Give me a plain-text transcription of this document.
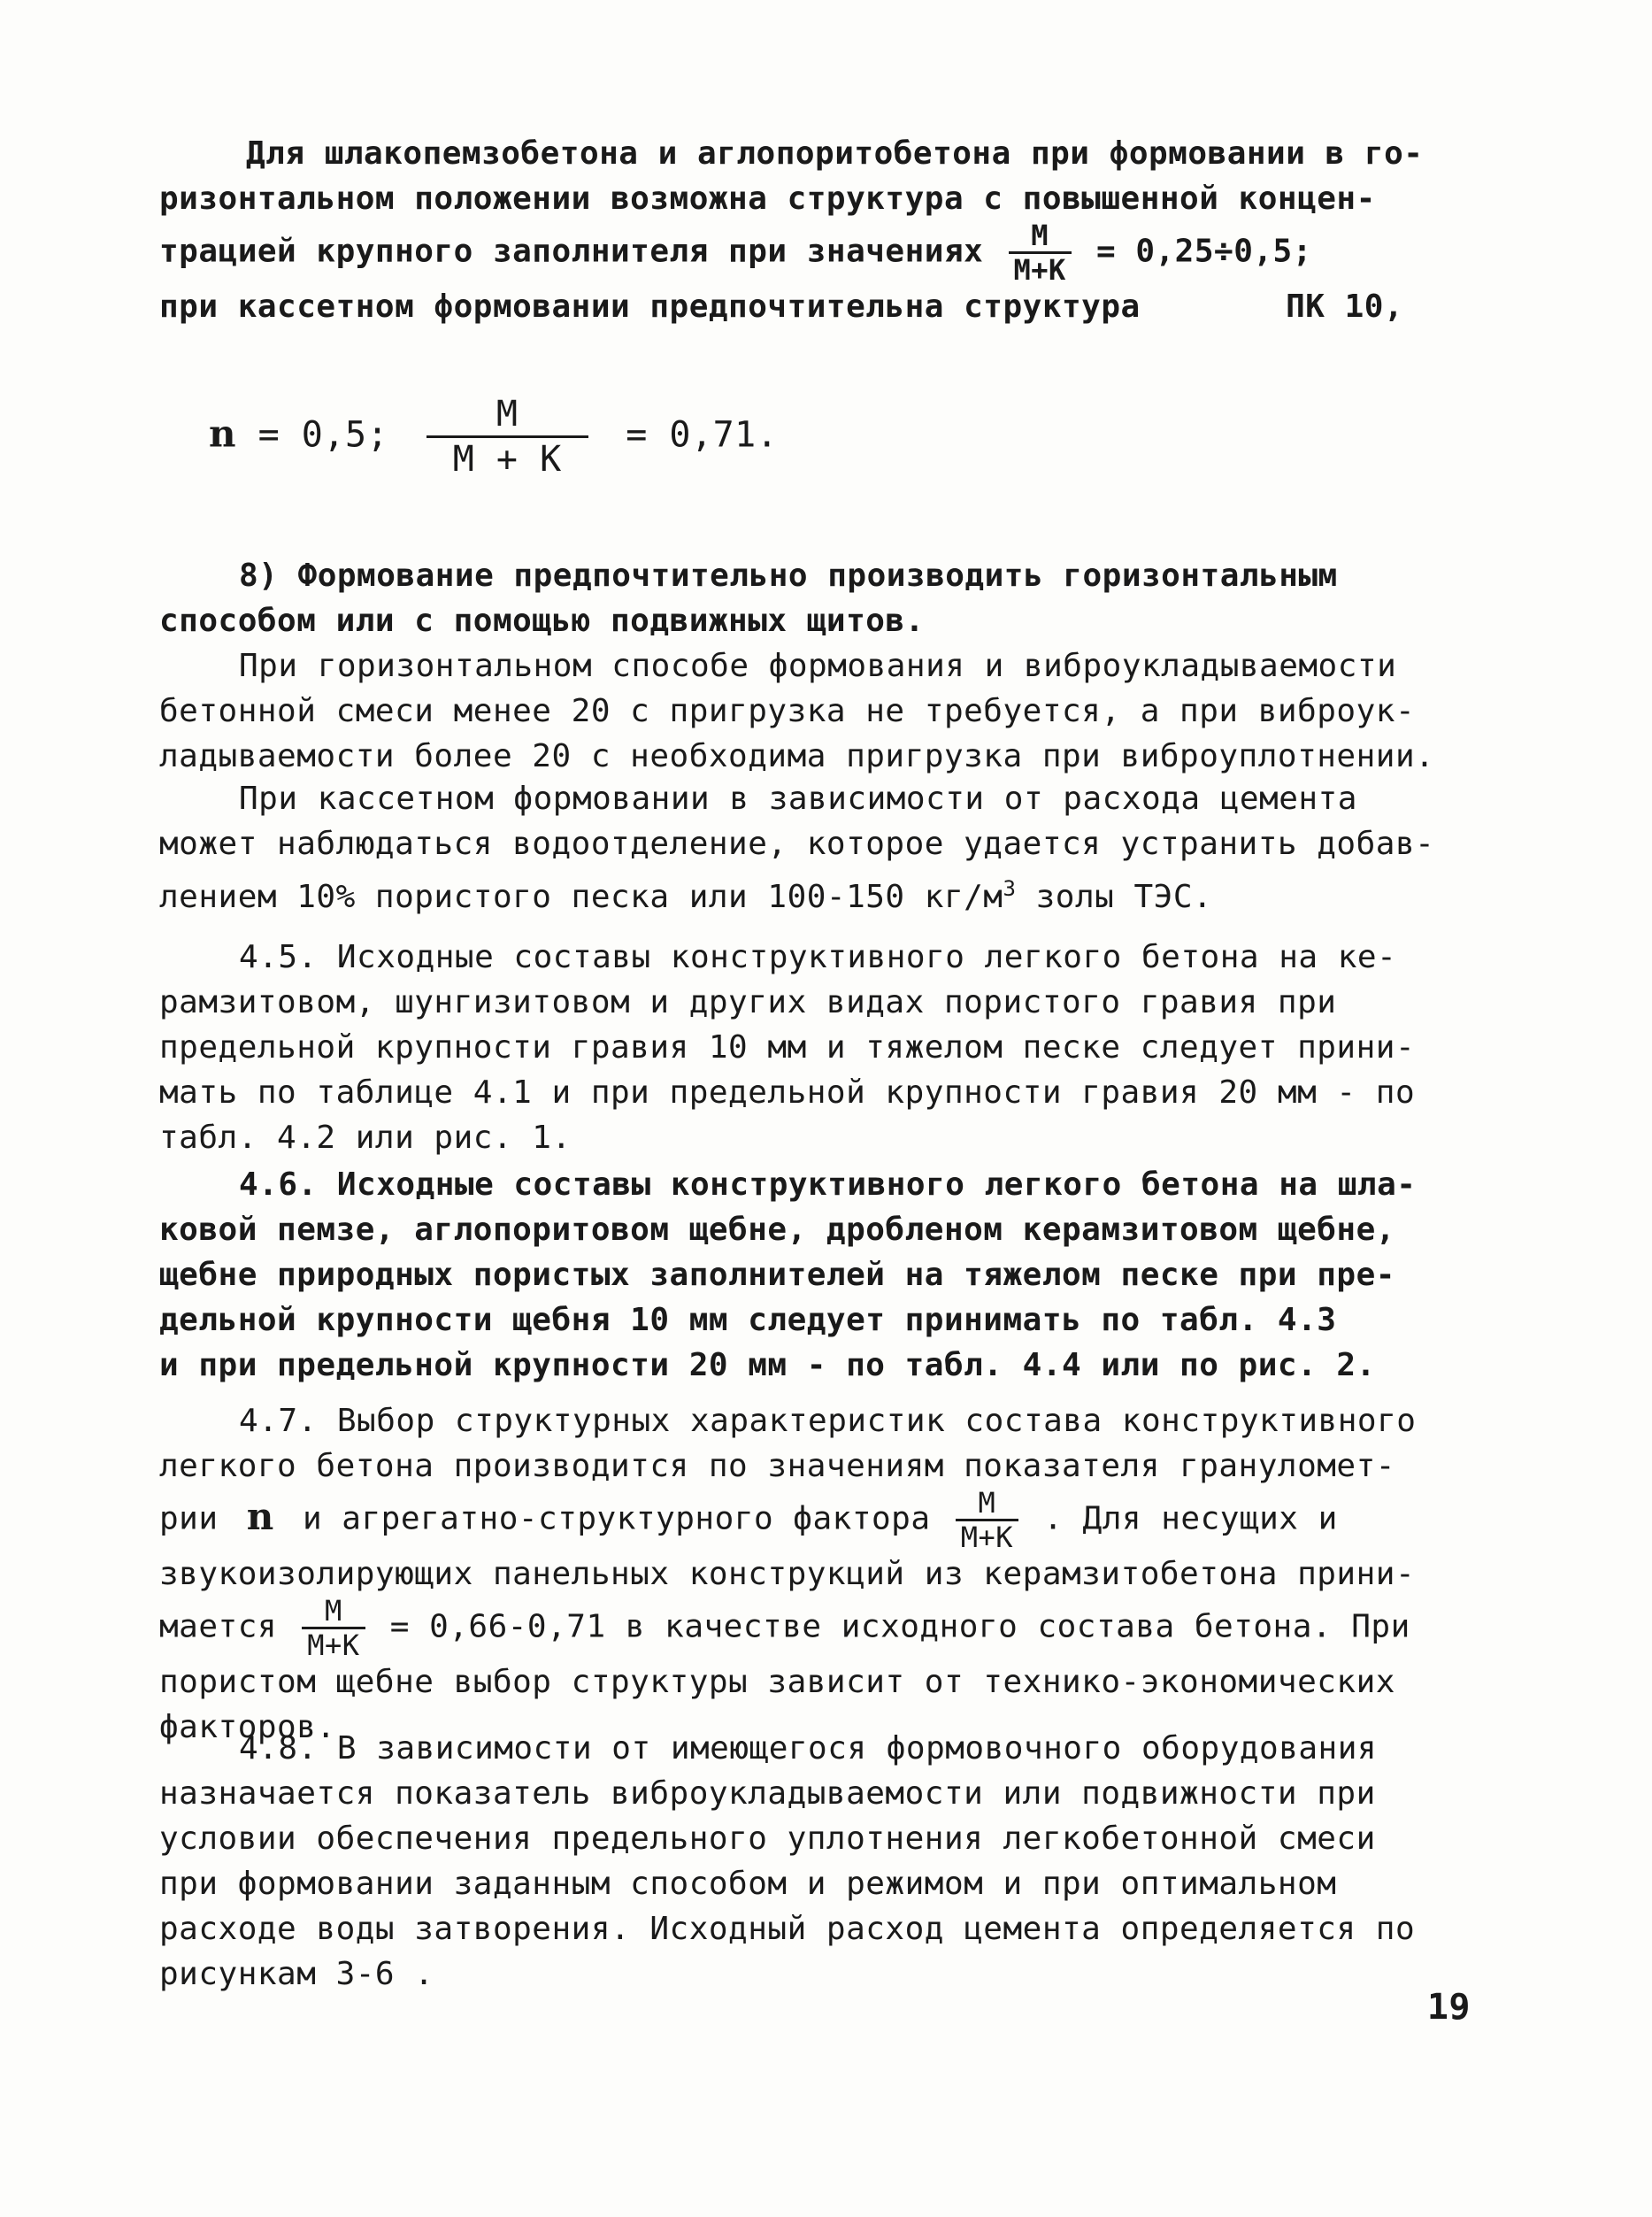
Для шлакопемзобетона и аглопоритобетона при формовании в го-
ризонтальном положении возможна структура с повышенной концен-
трацией крупного заполнителя при значениях $\frac{М}{М+К} = 0,25\div 0,5$;
при кассетном формовании предпочтительна структура	ПК 10,
n = 0,5; $\frac{М}{М + К} = 0,71$.
8) Формование предпочтительно производить горизонтальным
способом или с помощью подвижных щитов.
При горизонтальном способе формования и виброукладываемости
бетонной смеси менее 20 с пригрузка не требуется, а при виброук-
ладываемости более 20 с необходима пригрузка при виброуплотнении.
При кассетном формовании в зависимости от расхода цемента
может наблюдаться водоотделение, которое удается устранить добав-
лением 10% пористого песка или 100-150 $кг/м^3$ золы ТЭС.
4.5. Исходные составы конструктивного легкого бетона на ке-
рамзитовом, шунгизитовом и других видах пористого гравия при
предельной крупности гравия 10 мм и тяжелом песке следует прини-
мать по таблице 4.1 и при предельной крупности гравия 20 мм - по
табл. 4.2 или рис. 1.
4.6. Исходные составы конструктивного легкого бетона на шла-
ковой пемзе, аглопоритовом щебне, дробленом керамзитовом щебне,
щебне природных пористых заполнителей на тяжелом песке при пре-
дельной крупности щебня 10 мм следует принимать по табл. 4.3
и при предельной крупности 20 мм - по табл. 4.4 или по рис. 2.
4.7. Выбор структурных характеристик состава конструктивного
легкого бетона производится по значениям показателя грануломет-
рии n и агрегатно-структурного фактора $\frac{М}{М+К}$ . Для несущих и
звукоизолирующих панельных конструкций из керамзитобетона прини-
мается $\frac{М}{М+К} = 0,66-0,71$ в качестве исходного состава бетона. При
пористом щебне выбор структуры зависит от технико-экономических
факторов.
4.8. В зависимости от имеющегося формовочного оборудования
назначается показатель виброукладываемости или подвижности при
условии обеспечения предельного уплотнения легкобетонной смеси
при формовании заданным способом и режимом и при оптимальном
расходе воды затворения. Исходный расход цемента определяется по
рисункам 3-6 .
19
